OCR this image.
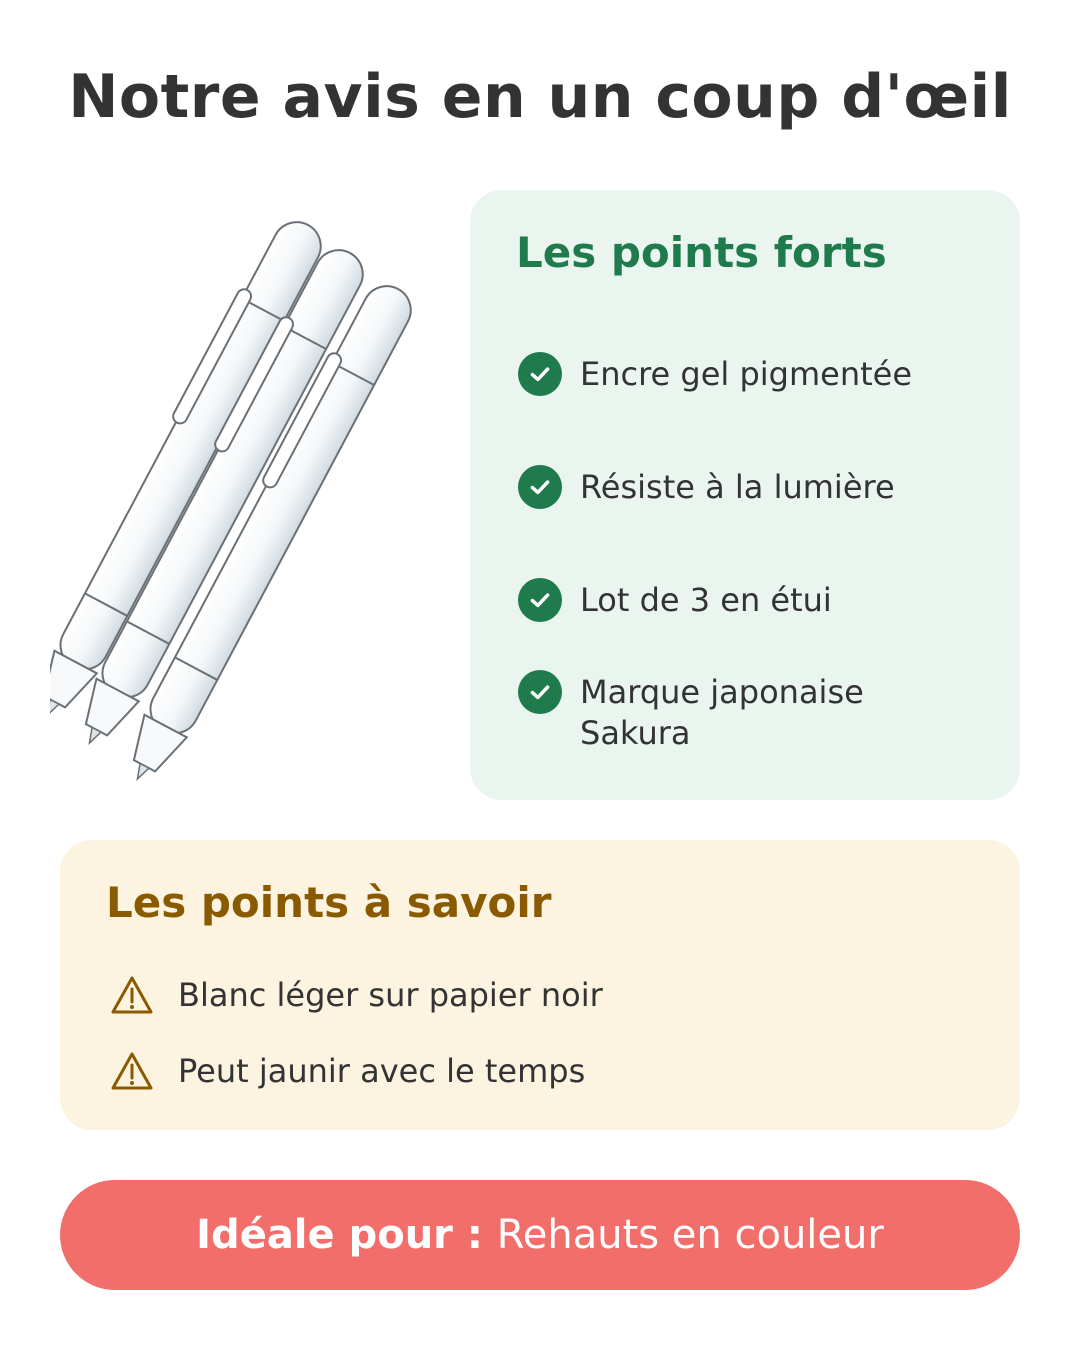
Notre avis en un coup d'œil
Les points forts
Encre gel pigmentée
Résiste à la lumière
Lot de 3 en étui
Marque japonaise Sakura
Les points à savoir
Blanc léger sur papier noir
Peut jaunir avec le temps
Idéale pour : Rehauts en couleur
